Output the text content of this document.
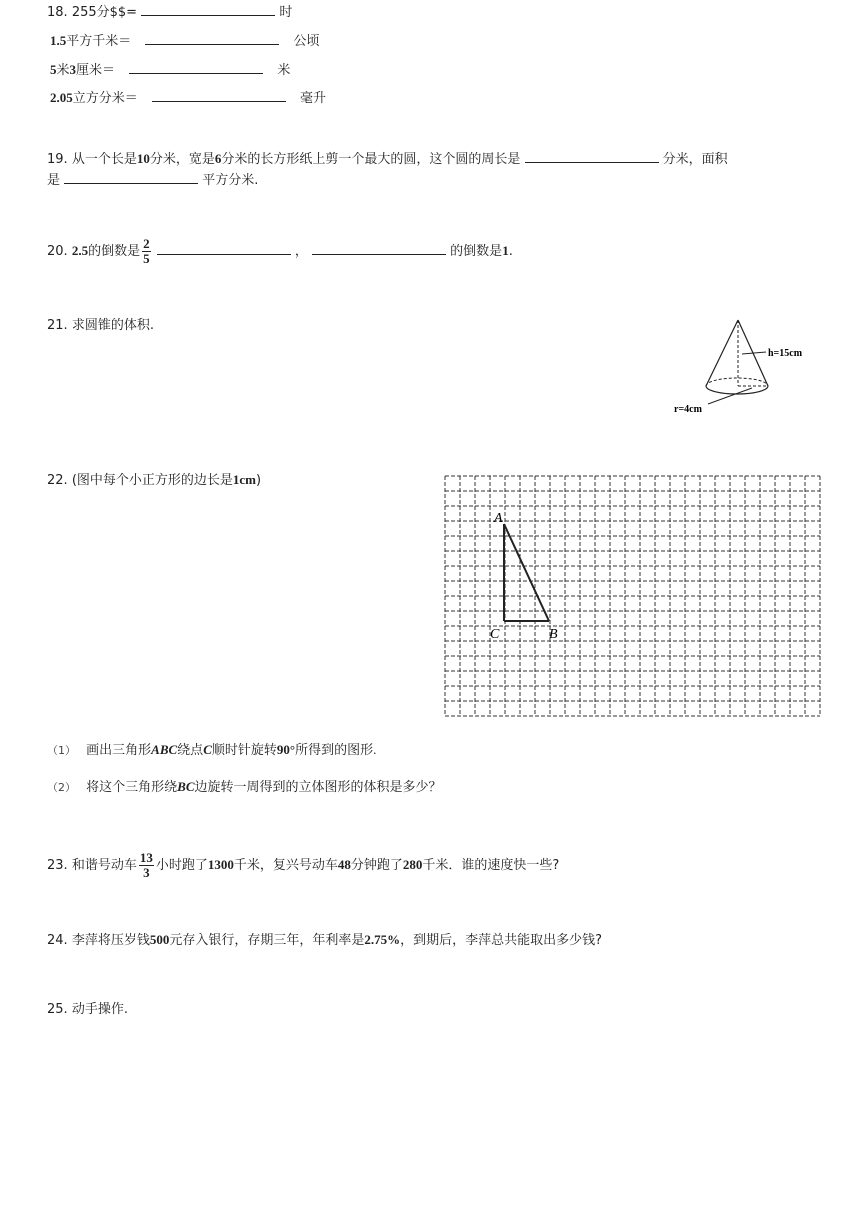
18. 255分$$=	时
1.5平方千米＝	公顷
5米3厘米＝	米
2.05立方分米＝	毫升
19. 从一个长是10分米，宽是6分米的长方形纸上剪一个最大的圆，这个圆的周长是	分米，面积
是	平方分米.
20. 2.5的倒数是 $\frac{2}{5}$	，	的倒数是1.
21. 求圆锥的体积.
h=15cm
r=4cm
22. (图中每个小正方形的边长是1cm)
A
C	B
（1） 画出三角形ABC绕点C顺时针旋转90°所得到的图形.
（2） 将这个三角形绕BC边旋转一周得到的立体图形的体积是多少？
23. 和谐号动车 $\frac{13}{3}$ 小时跑了1300千米，复兴号动车48分钟跑了280千米．谁的速度快一些?
24. 李萍将压岁钱500元存入银行，存期三年，年利率是2.75%，到期后，李萍总共能取出多少钱?
25. 动手操作.
